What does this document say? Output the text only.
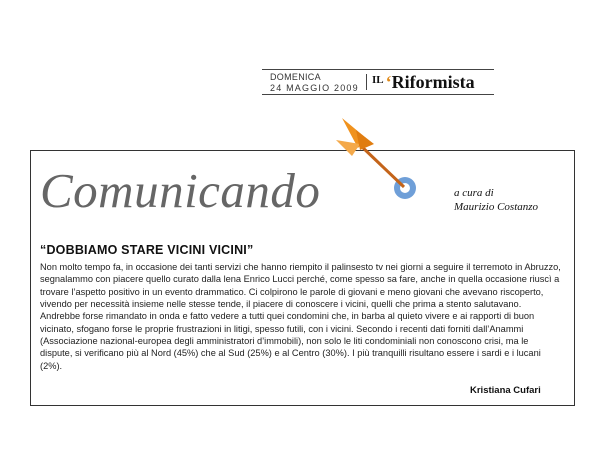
DOMENICA
24 MAGGIO 2009
$^{IL}$ ʻRiformista
Comunicando	a cura di
Maurizio Costanzo
“DOBBIAMO STARE VICINI VICINI”

Non molto tempo fa, in occasione dei tanti servizi che hanno riempito il palinsesto tv nei giorni a seguire il terremoto in Abruzzo, segnalammo con piacere quello curato dalla lena Enrico Lucci perché, come spesso sa fare, anche in quella occasione riuscì a trovare l’aspetto positivo in un evento drammatico. Ci colpirono le parole di giovani e meno giovani che avevano riscoperto, vivendo per necessità insieme nelle stesse tende, il piacere di conoscere i vicini, quelli che prima a stento salutavano. Andrebbe forse rimandato in onda e fatto vedere a tutti quei condomini che, in barba al quieto vivere e ai rapporti di buon vicinato, sfogano forse le proprie frustrazioni in litigi, spesso futili, con i vicini. Secondo i recenti dati forniti dall’Anammi (Associazione nazional-europea degli amministratori d’immobili), non solo le liti condominiali non conoscono crisi, ma le dispute, si verificano più al Nord (45%) che al Sud (25%) e al Centro (30%). I più tranquilli risultano essere i sardi e i lucani (2%).

Kristiana Cufari
